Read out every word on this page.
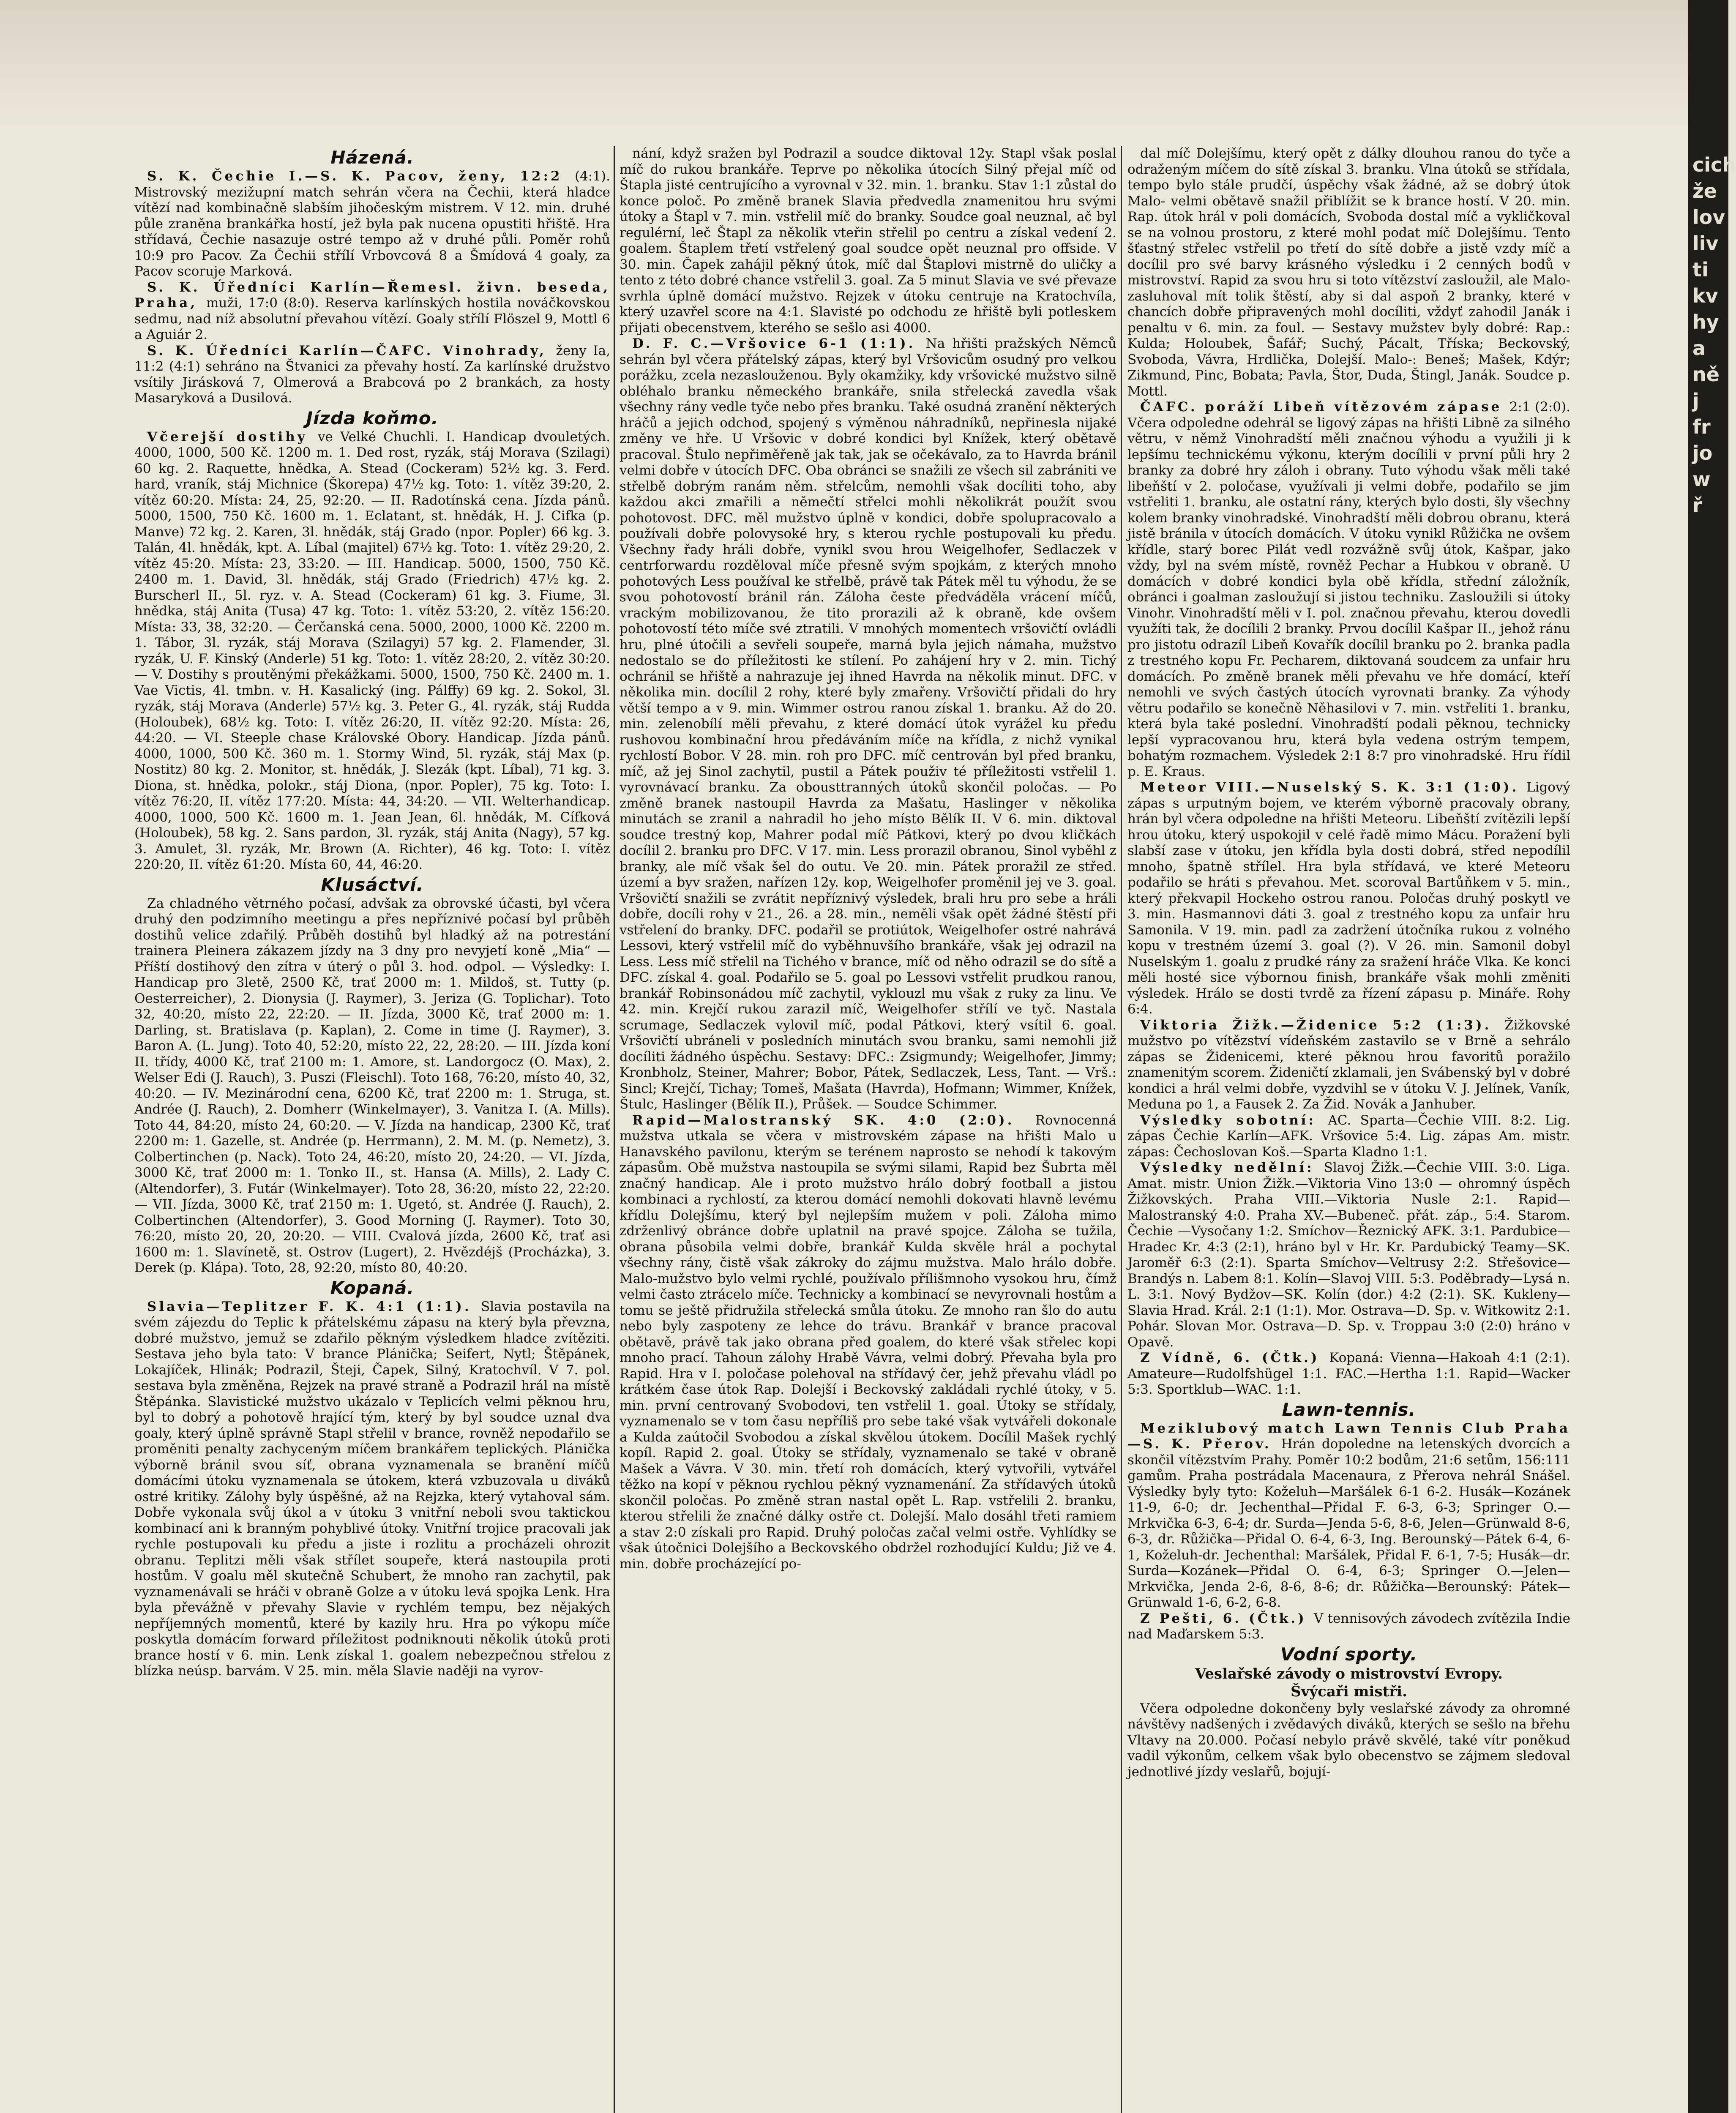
Házená.

S. K. Čechie I.—S. K. Pacov, ženy, 12:2 (4:1). Mistrovský mezižupní match sehrán včera na Čechii, která hladce vítězí nad kombinačně slabším jihočeským mistrem. V 12. min. druhé půle zraněna brankářka hostí, jež byla pak nucena opustiti hřiště. Hra střídavá, Čechie nasazuje ostré tempo až v druhé půli. Poměr rohů 10:9 pro Pacov. Za Čechii střílí Vrbovcová 8 a Šmídová 4 goaly, za Pacov scoruje Marková.

S. K. Úředníci Karlín—Řemesl. živn. beseda, Praha, muži, 17:0 (8:0). Reserva karlínských hostila nováčkovskou sedmu, nad níž absolutní převahou vítězí. Goaly střílí Flöszel 9, Mottl 6 a Aguiár 2.

S. K. Úředníci Karlín—ČAFC. Vinohrady, ženy Ia, 11:2 (4:1) sehráno na Štvanici za převahy hostí. Za karlínské družstvo vsítily Jirásková 7, Olmerová a Brabcová po 2 brankách, za hosty Masaryková a Dusilová.

Jízda koňmo.

Včerejší dostihy ve Velké Chuchli. I. Handicap dvouletých. 4000, 1000, 500 Kč. 1200 m. 1. Ded rost, ryzák, stáj Morava (Szilagi) 60 kg. 2. Raquette, hnědka, A. Stead (Cockeram) 52½ kg. 3. Ferd. hard, vraník, stáj Michnice (Škorepa) 47½ kg. Toto: 1. vítěz 39:20, 2. vítěz 60:20. Místa: 24, 25, 92:20. — II. Radotínská cena. Jízda pánů. 5000, 1500, 750 Kč. 1600 m. 1. Eclatant, st. hnědák, H. J. Cifka (p. Manve) 72 kg. 2. Karen, 3l. hnědák, stáj Grado (npor. Popler) 66 kg. 3. Talán, 4l. hnědák, kpt. A. Líbal (majitel) 67½ kg. Toto: 1. vítěz 29:20, 2. vítěz 45:20. Místa: 23, 33:20. — III. Handicap. 5000, 1500, 750 Kč. 2400 m. 1. David, 3l. hnědák, stáj Grado (Friedrich) 47½ kg. 2. Burscherl II., 5l. ryz. v. A. Stead (Cockeram) 61 kg. 3. Fiume, 3l. hnědka, stáj Anita (Tusa) 47 kg. Toto: 1. vítěz 53:20, 2. vítěz 156:20. Místa: 33, 38, 32:20. — Čerčanská cena. 5000, 2000, 1000 Kč. 2200 m. 1. Tábor, 3l. ryzák, stáj Morava (Szilagyi) 57 kg. 2. Flamender, 3l. ryzák, U. F. Kinský (Anderle) 51 kg. Toto: 1. vítěz 28:20, 2. vítěz 30:20. — V. Dostihy s proutěnými překážkami. 5000, 1500, 750 Kč. 2400 m. 1. Vae Victis, 4l. tmbn. v. H. Kasalický (ing. Pálffy) 69 kg. 2. Sokol, 3l. ryzák, stáj Morava (Anderle) 57½ kg. 3. Peter G., 4l. ryzák, stáj Rudda (Holoubek), 68½ kg. Toto: I. vítěz 26:20, II. vítěz 92:20. Místa: 26, 44:20. — VI. Steeple chase Královské Obory. Handicap. Jízda pánů. 4000, 1000, 500 Kč. 360 m. 1. Stormy Wind, 5l. ryzák, stáj Max (p. Nostitz) 80 kg. 2. Monitor, st. hnědák, J. Slezák (kpt. Líbal), 71 kg. 3. Diona, st. hnědka, polokr., stáj Diona, (npor. Popler), 75 kg. Toto: I. vítěz 76:20, II. vítěz 177:20. Místa: 44, 34:20. — VII. Welterhandicap. 4000, 1000, 500 Kč. 1600 m. 1. Jean Jean, 6l. hnědák, M. Cífková (Holoubek), 58 kg. 2. Sans pardon, 3l. ryzák, stáj Anita (Nagy), 57 kg. 3. Amulet, 3l. ryzák, Mr. Brown (A. Richter), 46 kg. Toto: I. vítěz 220:20, II. vítěz 61:20. Místa 60, 44, 46:20.

Klusáctví.

Za chladného větrného počasí, advšak za obrovské účasti, byl včera druhý den podzimního meetingu a přes nepříznivé počasí byl průběh dostihů velice zdařilý. Průběh dostihů byl hladký až na potrestání trainera Pleinera zákazem jízdy na 3 dny pro nevyjetí koně „Mia“ — Příští dostihový den zítra v úterý o půl 3. hod. odpol. — Výsledky: I. Handicap pro 3letě, 2500 Kč, trať 2000 m: 1. Mildoš, st. Tutty (p. Oesterreicher), 2. Dionysia (J. Raymer), 3. Jeriza (G. Toplichar). Toto 32, 40:20, místo 22, 22:20. — II. Jízda, 3000 Kč, trať 2000 m: 1. Darling, st. Bratislava (p. Kaplan), 2. Come in time (J. Raymer), 3. Baron A. (L. Jung). Toto 40, 52:20, místo 22, 22, 28:20. — III. Jízda koní II. třídy, 4000 Kč, trať 2100 m: 1. Amore, st. Landorgocz (O. Max), 2. Welser Edi (J. Rauch), 3. Puszi (Fleischl). Toto 168, 76:20, místo 40, 32, 40:20. — IV. Mezinárodní cena, 6200 Kč, trať 2200 m: 1. Struga, st. Andrée (J. Rauch), 2. Domherr (Winkelmayer), 3. Vanitza I. (A. Mills). Toto 44, 84:20, místo 24, 60:20. — V. Jízda na handicap, 2300 Kč, trať 2200 m: 1. Gazelle, st. Andrée (p. Herrmann), 2. M. M. (p. Nemetz), 3. Colbertinchen (p. Nack). Toto 24, 46:20, místo 20, 24:20. — VI. Jízda, 3000 Kč, trať 2000 m: 1. Tonko II., st. Hansa (A. Mills), 2. Lady C. (Altendorfer), 3. Futár (Winkelmayer). Toto 28, 36:20, místo 22, 22:20. — VII. Jízda, 3000 Kč, trať 2150 m: 1. Ugetó, st. Andrée (J. Rauch), 2. Colbertinchen (Altendorfer), 3. Good Morning (J. Raymer). Toto 30, 76:20, místo 20, 20, 20:20. — VIII. Cvalová jízda, 2600 Kč, trať asi 1600 m: 1. Slavínetě, st. Ostrov (Lugert), 2. Hvězdéjš (Procházka), 3. Derek (p. Klápa). Toto, 28, 92:20, místo 80, 40:20.

Kopaná.

Slavia—Teplitzer F. K. 4:1 (1:1). Slavia postavila na svém zájezdu do Teplic k přátelskému zápasu na který byla převzna, dobré mužstvo, jemuž se zdařilo pěkným výsledkem hladce zvítěziti. Sestava jeho byla tato: V brance Plánička; Seifert, Nytl; Štěpánek, Lokajíček, Hlinák; Podrazil, Šteji, Čapek, Silný, Kratochvíl. V 7. pol. sestava byla změněna, Rejzek na pravé straně a Podrazil hrál na místě Štěpánka. Slavistické mužstvo ukázalo v Teplicích velmi pěknou hru, byl to dobrý a pohotově hrající tým, který by byl soudce uznal dva goaly, který úplně správně Stapl střelil v brance, rovněž nepodařilo se proměniti penalty zachyceným míčem brankářem teplických. Plánička výborně bránil svou síť, obrana vyznamenala se branění míčů domácími útoku vyznamenala se útokem, která vzbuzovala u diváků ostré kritiky. Zálohy byly úspěšné, až na Rejzka, který vytahoval sám. Dobře vykonala svůj úkol a v útoku 3 vnitřní neboli svou taktickou kombinací ani k branným pohyblivé útoky. Vnitřní trojice pracovali jak rychle postupovali ku předu a jiste i rozlitu a procházeli ohrozit obranu. Teplitzi měli však střílet soupeře, která nastoupila proti hostům. V goalu měl skutečně Schubert, že mnoho ran zachytil, pak vyznamenávali se hráči v obraně Golze a v útoku levá spojka Lenk. Hra byla převážně v převahy Slavie v rychlém tempu, bez nějakých nepříjemných momentů, které by kazily hru. Hra po výkopu míče poskytla domácím forward příležitost podniknouti několik útoků proti brance hostí v 6. min. Lenk získal 1. goalem nebezpečnou střelou z blízka neúsp. barvám. V 25. min. měla Slavie naději na vyrov-

nání, když sražen byl Podrazil a soudce diktoval 12y. Stapl však poslal míč do rukou brankáře. Teprve po několika útocích Silný přejal míč od Štapla jisté centrujícího a vyrovnal v 32. min. 1. branku. Stav 1:1 zůstal do konce poloč. Po změně branek Slavia předvedla znamenitou hru svými útoky a Štapl v 7. min. vstřelil míč do branky. Soudce goal neuznal, ač byl regulérní, leč Štapl za několik vteřin střelil po centru a získal vedení 2. goalem. Štaplem třetí vstřelený goal soudce opět neuznal pro offside. V 30. min. Čapek zahájil pěkný útok, míč dal Štaplovi mistrně do uličky a tento z této dobré chance vstřelil 3. goal. Za 5 minut Slavia ve své převaze svrhla úplně domácí mužstvo. Rejzek v útoku centruje na Kratochvíla, který uzavřel score na 4:1. Slavisté po odchodu ze hřiště byli potleskem přijati obecenstvem, kterého se sešlo asi 4000.

D. F. C.—Vršovice 6-1 (1:1). Na hřišti pražských Němců sehrán byl včera přátelský zápas, který byl Vršovicům osudný pro velkou porážku, zcela nezaslouženou. Byly okamžiky, kdy vršovické mužstvo silně obléhalo branku německého brankáře, snila střelecká zavedla však všechny rány vedle tyče nebo přes branku. Také osudná zranění některých hráčů a jejich odchod, spojený s výměnou náhradníků, nepřinesla nijaké změny ve hře. U Vršovic v dobré kondici byl Knížek, který obětavě pracoval. Štulo nepřiměřeně jak tak, jak se očekávalo, za to Havrda bránil velmi dobře v útocích DFC. Oba obránci se snažili ze všech sil zabrániti ve střelbě dobrým ranám něm. střelcům, nemohli však docíliti toho, aby každou akci zmařili a němečtí střelci mohli několikrát použít svou pohotovost. DFC. měl mužstvo úplně v kondici, dobře spolupracovalo a používali dobře polovysoké hry, s kterou rychle postupovali ku předu. Všechny řady hráli dobře, vynikl svou hrou Weigelhofer, Sedlaczek v centrforwardu rozděloval míče přesně svým spojkám, z kterých mnoho pohotových Less používal ke střelbě, právě tak Pátek měl tu výhodu, že se svou pohotovostí bránil rán. Záloha česte předváděla vrácení míčů, vrackým mobilizovanou, že tito prorazili až k obraně, kde ovšem pohotovostí této míče své ztratili. V mnohých momentech vršovičtí ovládli hru, plné útočili a sevřeli soupeře, marná byla jejich námaha, mužstvo nedostalo se do příležitosti ke stílení. Po zahájení hry v 2. min. Tichý ochránil se hřiště a nahrazuje jej ihned Havrda na několik minut. DFC. v několika min. docílil 2 rohy, které byly zmařeny. Vršovičtí přidali do hry větší tempo a v 9. min. Wimmer ostrou ranou získal 1. branku. Až do 20. min. zelenobílí měli převahu, z které domácí útok vyrážel ku předu rushovou kombinační hrou předáváním míče na křídla, z nichž vynikal rychlostí Bobor. V 28. min. roh pro DFC. míč centrován byl před branku, míč, až jej Sinol zachytil, pustil a Pátek použiv té příležitosti vstřelil 1. vyrovnávací branku. Za obousttranných útoků skončil poločas. — Po změně branek nastoupil Havrda za Mašatu, Haslinger v několika minutách se zranil a nahradil ho jeho místo Bělík II. V 6. min. diktoval soudce trestný kop, Mahrer podal míč Pátkovi, který po dvou kličkách docílil 2. branku pro DFC. V 17. min. Less prorazil obranou, Sinol vyběhl z branky, ale míč však šel do outu. Ve 20. min. Pátek proražil ze střed. území a byv sražen, nařízen 12y. kop, Weigelhofer proměnil jej ve 3. goal. Vršovičtí snažili se zvrátit nepříznivý výsledek, brali hru pro sebe a hráli dobře, docíli rohy v 21., 26. a 28. min., neměli však opět žádné štěstí při vstřelení do branky. DFC. podařil se protiútok, Weigelhofer ostré nahrává Lessovi, který vstřelil míč do vyběhnuvšího brankáře, však jej odrazil na Less. Less míč střelil na Tichého v brance, míč od něho odrazil se do sítě a DFC. získal 4. goal. Podařilo se 5. goal po Lessovi vstřelit prudkou ranou, brankář Robinsonádou míč zachytil, vyklouzl mu však z ruky za linu. Ve 42. min. Krejčí rukou zarazil míč, Weigelhofer střílí ve tyč. Nastala scrumage, Sedlaczek vylovil míč, podal Pátkovi, který vsítil 6. goal. Vršovičtí ubráneli v posledních minutách svou branku, sami nemohli již docíliti žádného úspěchu. Sestavy: DFC.: Zsigmundy; Weigelhofer, Jimmy; Kronbholz, Steiner, Mahrer; Bobor, Pátek, Sedlaczek, Less, Tant. — Vrš.: Sincl; Krejčí, Tichay; Tomeš, Mašata (Havrda), Hofmann; Wimmer, Knížek, Štulc, Haslinger (Bělík II.), Průšek. — Soudce Schimmer.

Rapid—Malostranský SK. 4:0 (2:0). Rovnocenná mužstva utkala se včera v mistrovském zápase na hřišti Malo u Hanavského pavilonu, kterým se terénem naprosto se nehodí k takovým zápasům. Obě mužstva nastoupila se svými silami, Rapid bez Šubrta měl značný handicap. Ale i proto mužstvo hrálo dobrý football a jistou kombinaci a rychlostí, za kterou domácí nemohli dokovati hlavně levému křídlu Dolejšímu, který byl nejlepším mužem v poli. Záloha mimo zdrženlivý obránce dobře uplatnil na pravé spojce. Záloha se tužila, obrana působila velmi dobře, brankář Kulda skvěle hrál a pochytal všechny rány, čistě však zákroky do zájmu mužstva. Malo hrálo dobře. Malo-mužstvo bylo velmi rychlé, používalo přílišmnoho vysokou hru, čímž velmi často ztrácelo míče. Technicky a kombinací se nevyrovnali hostům a tomu se ještě přidružila střelecká smůla útoku. Ze mnoho ran šlo do autu nebo byly zaspoteny ze lehce do trávu. Brankář v brance pracoval obětavě, právě tak jako obrana před goalem, do které však střelec kopi mnoho prací. Tahoun zálohy Hrabě Vávra, velmi dobrý. Převaha byla pro Rapid. Hra v I. poločase polehoval na střídavý čer, jehž převahu vládl po krátkém čase útok Rap. Dolejší i Beckovský zakládali rychlé útoky, v 5. min. první centrovaný Svobodovi, ten vstřelil 1. goal. Útoky se střídaly, vyznamenalo se v tom času nepříliš pro sebe také však vytvářeli dokonale a Kulda zaútočil Svobodou a získal skvělou útokem. Docílil Mašek rychlý kopíl. Rapid 2. goal. Útoky se střídaly, vyznamenalo se také v obraně Mašek a Vávra. V 30. min. třetí roh domácích, který vytvořili, vytvářel těžko na kopí v pěknou rychlou pěkný vyznamenání. Za střídavých útoků skončil poločas. Po změně stran nastal opět L. Rap. vstřelili 2. branku, kterou střelili že značné dálky ostře ct. Dolejší. Malo dosáhl třeti ramiem a stav 2:0 získali pro Rapid. Druhý poločas začal velmi ostře. Vyhlídky se však útočnici Dolejšího a Beckovského obdržel rozhodující Kuldu; Již ve 4. min. dobře procházející po-

dal míč Dolejšímu, který opět z dálky dlouhou ranou do tyče a odraženým míčem do sítě získal 3. branku. Vlna útoků se střídala, tempo bylo stále prudčí, úspěchy však žádné, až se dobrý útok Malo- velmi obětavě snažil přiblížit se k brance hostí. V 20. min. Rap. útok hrál v poli domácích, Svoboda dostal míč a vykličkoval se na volnou prostoru, z které mohl podat míč Dolejšímu. Tento šťastný střelec vstřelil po třetí do sítě dobře a jistě vzdy míč a docílil pro své barvy krásného výsledku i 2 cenných bodů v mistrovství. Rapid za svou hru si toto vítězství zasloužil, ale Malo- zasluhoval mít tolik štěstí, aby si dal aspoň 2 branky, které v chancích dobře připravených mohl docíliti, vždyť zahodil Janák i penaltu v 6. min. za foul. — Sestavy mužstev byly dobré: Rap.: Kulda; Holoubek, Šafář; Suchý, Pácalt, Tříska; Beckovský, Svoboda, Vávra, Hrdlička, Dolejší. Malo-: Beneš; Mašek, Kdýr; Zikmund, Pinc, Bobata; Pavla, Štor, Duda, Štingl, Janák. Soudce p. Mottl.

ČAFC. poráží Libeň vítězovém zápase 2:1 (2:0). Včera odpoledne odehrál se ligový zápas na hřišti Libně za silného větru, v němž Vinohradští měli značnou výhodu a využili ji k lepšímu technickému výkonu, kterým docílili v první půli hry 2 branky za dobré hry záloh i obrany. Tuto výhodu však měli také libeňští v 2. poločase, využívali ji velmi dobře, podařilo se jim vstřeliti 1. branku, ale ostatní rány, kterých bylo dosti, šly všechny kolem branky vinohradské. Vinohradští měli dobrou obranu, která jistě bránila v útocích domácích. V útoku vynikl Růžička ne ovšem křídle, starý borec Pilát vedl rozvážně svůj útok, Kašpar, jako vždy, byl na svém místě, rovněž Pechar a Hubkou v obraně. U domácích v dobré kondici byla obě křídla, střední záložník, obránci i goalman zasloužují si jistou techniku. Zasloužili si útoky Vinohr. Vinohradští měli v I. pol. značnou převahu, kterou dovedli využíti tak, že docílili 2 branky. Prvou docílil Kašpar II., jehož ránu pro jistotu odrazíl Libeň Kovařík docílil branku po 2. branka padla z trestného kopu Fr. Pecharem, diktovaná soudcem za unfair hru domácích. Po změně branek měli převahu ve hře domácí, kteří nemohli ve svých častých útocích vyrovnati branky. Za výhody větru podařilo se konečně Něhasilovi v 7. min. vstřeliti 1. branku, která byla také poslední. Vinohradští podali pěknou, technicky lepší vypracovanou hru, která byla vedena ostrým tempem, bohatým rozmachem. Výsledek 2:1 8:7 pro vinohradské. Hru řídil p. E. Kraus.

Meteor VIII.—Nuselský S. K. 3:1 (1:0). Ligový zápas s urputným bojem, ve kterém výborně pracovaly obrany, hrán byl včera odpoledne na hřišti Meteoru. Libeňští zvítězili lepší hrou útoku, který uspokojil v celé řadě mimo Mácu. Poražení byli slabší zase v útoku, jen křídla byla dosti dobrá, střed nepodílil mnoho, špatně střílel. Hra byla střídavá, ve které Meteoru podařilo se hráti s převahou. Met. scoroval Bartůňkem v 5. min., který překvapil Hockeho ostrou ranou. Poločas druhý poskytl ve 3. min. Hasmannovi dáti 3. goal z trestného kopu za unfair hru Samonila. V 19. min. padl za zadržení útočníka rukou z volného kopu v trestném území 3. goal (?). V 26. min. Samonil dobyl Nuselským 1. goalu z prudké rány za sražení hráče Vlka. Ke konci měli hosté sice výbornou finish, brankáře však mohli změniti výsledek. Hrálo se dosti tvrdě za řízení zápasu p. Mináře. Rohy 6:4.

Viktoria Žižk.—Židenice 5:2 (1:3). Žižkovské mužstvo po vítězství vídeňském zastavilo se v Brně a sehrálo zápas se Židenicemi, které pěknou hrou favoritů poražilo znamenitým scorem. Žideničtí zklamali, jen Svábenský byl v dobré kondici a hrál velmi dobře, vyzdvihl se v útoku V. J. Jelínek, Vaník, Meduna po 1, a Fausek 2. Za Žid. Novák a Janhuber.

Výsledky sobotní: AC. Sparta—Čechie VIII. 8:2. Lig. zápas Čechie Karlín—AFK. Vršovice 5:4. Lig. zápas Am. mistr. zápas: Čechoslovan Koš.—Sparta Kladno 1:1.

Výsledky nedělní: Slavoj Žižk.—Čechie VIII. 3:0. Liga. Amat. mistr. Union Žižk.—Viktoria Vino 13:0 — ohromný úspěch Žižkovských. Praha VIII.—Viktoria Nusle 2:1. Rapid—Malostranský 4:0. Praha XV.—Bubeneč. přát. záp., 5:4. Starom. Čechie —Vysočany 1:2. Smíchov—Řeznický AFK. 3:1. Pardubice—Hradec Kr. 4:3 (2:1), hráno byl v Hr. Kr. Pardubický Teamy—SK. Jaroměř 6:3 (2:1). Sparta Smíchov—Veltrusy 2:2. Střešovice—Brandýs n. Labem 8:1. Kolín—Slavoj VIII. 5:3. Poděbrady—Lysá n. L. 3:1. Nový Bydžov—SK. Kolín (dor.) 4:2 (2:1). SK. Kukleny—Slavia Hrad. Král. 2:1 (1:1). Mor. Ostrava—D. Sp. v. Witkowitz 2:1. Pohár. Slovan Mor. Ostrava—D. Sp. v. Troppau 3:0 (2:0) hráno v Opavě.

Z Vídně, 6. (Čtk.) Kopaná: Vienna—Hakoah 4:1 (2:1). Amateure—Rudolfshügel 1:1. FAC.—Hertha 1:1. Rapid—Wacker 5:3. Sportklub—WAC. 1:1.

Lawn-tennis.

Meziklubový match Lawn Tennis Club Praha—S. K. Přerov. Hrán dopoledne na letenských dvorcích a skončil vítězstvím Prahy. Poměr 10:2 bodům, 21:6 setům, 156:111 gamům. Praha postrádala Macenaura, z Přerova nehrál Snášel. Výsledky byly tyto: Koželuh—Maršálek 6-1 6-2. Husák—Kozánek 11-9, 6-0; dr. Jechenthal—Přidal F. 6-3, 6-3; Springer O.—Mrkvička 6-3, 6-4; dr. Surda—Jenda 5-6, 8-6, Jelen—Grünwald 8-6, 6-3, dr. Růžička—Přidal O. 6-4, 6-3, Ing. Berounský—Pátek 6-4, 6-1, Koželuh-dr. Jechenthal: Maršálek, Přidal F. 6-1, 7-5; Husák—dr. Surda—Kozánek—Přidal O. 6-4, 6-3; Springer O.—Jelen—Mrkvička, Jenda 2-6, 8-6, 8-6; dr. Růžička—Berounský: Pátek—Grünwald 1-6, 6-2, 6-8.

Z Pešti, 6. (Čtk.) V tennisových závodech zvítězila Indie nad Maďarskem 5:3.

Vodní sporty.
Veslařské závody o mistrovství Evropy.
Švýcaři mistři.

Včera odpoledne dokončeny byly veslařské závody za ohromné návštěvy nadšených i zvědavých diváků, kterých se sešlo na břehu Vltavy na 20.000. Počasí nebylo právě skvělé, také vítr poněkud vadil výkonům, celkem však bylo obecenstvo se zájmem sledoval jednotlivé jízdy veslařů, bojují-

cich
že
lov
liv
ti
kv
hy
a
ně
j
fr
jo
w
ř
